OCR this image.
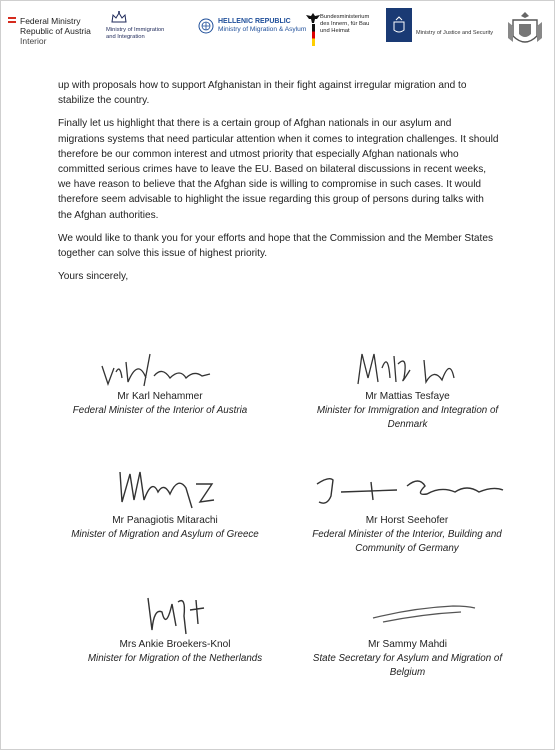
Federal Ministry
Republic of Austria
Interior
Ministry of Immigration
and Integration
HELLENIC REPUBLIC
Ministry of Migration & Asylum
Bundesministerium
des Innern, für Bau
und Heimat	Ministry of Justice and Security

up with proposals how to support Afghanistan in their fight against irregular migration and to stabilize the country.

Finally let us highlight that there is a certain group of Afghan nationals in our asylum and migrations systems that need particular attention when it comes to integration challenges. It should therefore be our common interest and utmost priority that especially Afghan nationals who committed serious crimes have to leave the EU. Based on bilateral discussions in recent weeks, we have reason to believe that the Afghan side is willing to compromise in such cases. It would therefore seem advisable to highlight the issue regarding this group of persons during talks with the Afghan authorities.

We would like to thank you for your efforts and hope that the Commission and the Member States together can solve this issue of highest priority.

Yours sincerely,

Mr Karl Nehammer
Federal Minister of the Interior of Austria
Mr Mattias Tesfaye
Minister for Immigration and Integration of Denmark
Mr Panagiotis Mitarachi
Minister of Migration and Asylum of Greece
Mr Horst Seehofer
Federal Minister of the Interior, Building and Community of Germany
Mrs Ankie Broekers-Knol
Minister for Migration of the Netherlands
Mr Sammy Mahdi
State Secretary for Asylum and Migration of Belgium
